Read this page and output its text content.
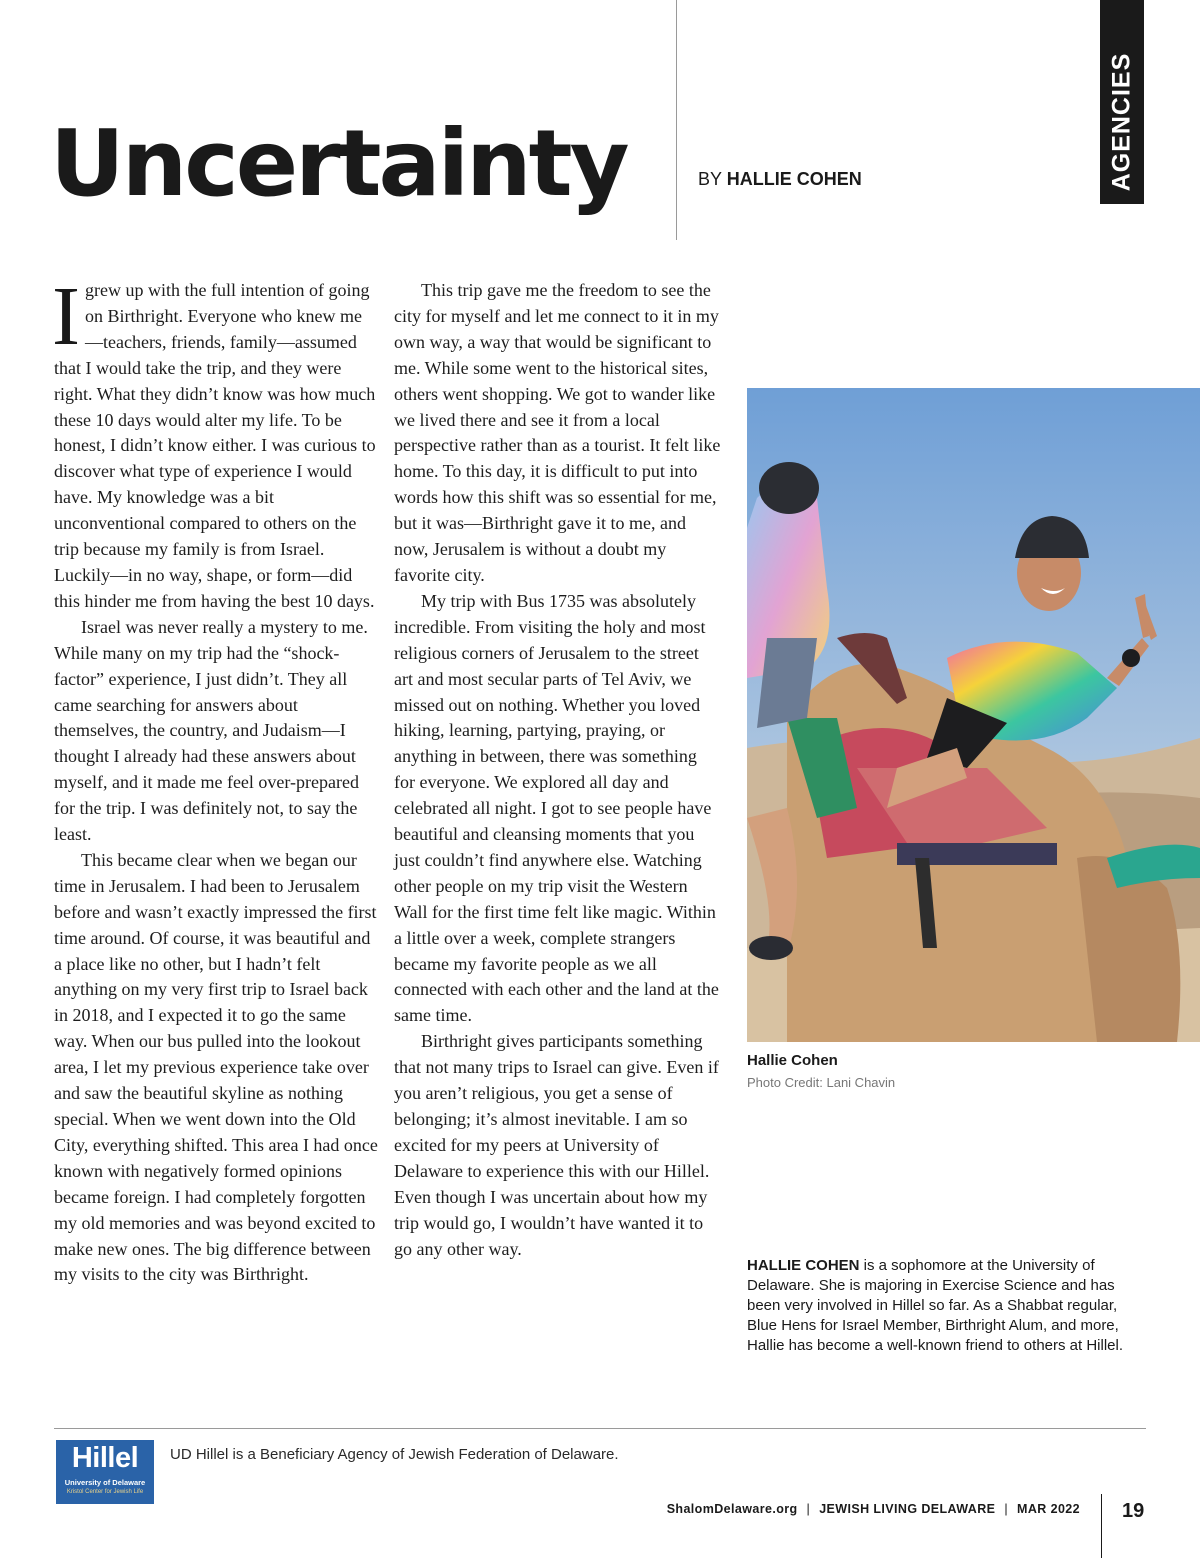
Uncertainty	BY HALLIE COHEN	AGENCIES

Igrew up with the full intention of going on Birthright. Everyone who knew me—teachers, friends, family—assumed that I would take the trip, and they were right. What they didn’t know was how much these 10 days would alter my life. To be honest, I didn’t know either. I was curious to discover what type of experience I would have. My knowledge was a bit unconventional compared to others on the trip because my family is from Israel. Luckily—in no way, shape, or form—did this hinder me from having the best 10 days.

Israel was never really a mystery to me. While many on my trip had the “shock-factor” experience, I just didn’t. They all came searching for answers about themselves, the country, and Judaism—I thought I already had these answers about myself, and it made me feel over-prepared for the trip. I was definitely not, to say the least.

This became clear when we began our time in Jerusalem. I had been to Jerusalem before and wasn’t exactly impressed the first time around. Of course, it was beautiful and a place like no other, but I hadn’t felt anything on my very first trip to Israel back in 2018, and I expected it to go the same way. When our bus pulled into the lookout area, I let my previous experience take over and saw the beautiful skyline as nothing special. When we went down into the Old City, everything shifted. This area I had once known with negatively formed opinions became foreign. I had completely forgotten my old memories and was beyond excited to make new ones. The big difference between my visits to the city was Birthright.

This trip gave me the freedom to see the city for myself and let me connect to it in my own way, a way that would be significant to me. While some went to the historical sites, others went shopping. We got to wander like we lived there and see it from a local perspective rather than as a tourist. It felt like home. To this day, it is difficult to put into words how this shift was so essential for me, but it was—Birthright gave it to me, and now, Jerusalem is without a doubt my favorite city.

My trip with Bus 1735 was absolutely incredible. From visiting the holy and most religious corners of Jerusalem to the street art and most secular parts of Tel Aviv, we missed out on nothing. Whether you loved hiking, learning, partying, praying, or anything in between, there was something for everyone. We explored all day and celebrated all night. I got to see people have beautiful and cleansing moments that you just couldn’t find anywhere else. Watching other people on my trip visit the Western Wall for the first time felt like magic. Within a little over a week, complete strangers became my favorite people as we all connected with each other and the land at the same time.

Birthright gives participants something that not many trips to Israel can give. Even if you aren’t religious, you get a sense of belonging; it’s almost inevitable. I am so excited for my peers at University of Delaware to experience this with our Hillel. Even though I was uncertain about how my trip would go, I wouldn’t have wanted it to go any other way.

Hallie Cohen
Photo Credit: Lani Chavin
HALLIE COHEN is a sophomore at the University of Delaware. She is majoring in Exercise Science and has been very involved in Hillel so far. As a Shabbat regular, Blue Hens for Israel Member, Birthright Alum, and more, Hallie has become a well-known friend to others at Hillel.
Hillel
University of Delaware
Kristol Center for Jewish Life
UD Hillel is a Beneficiary Agency of Jewish Federation of Delaware.
ShalomDelaware.org | JEWISH LIVING DELAWARE | MAR 2022 19
